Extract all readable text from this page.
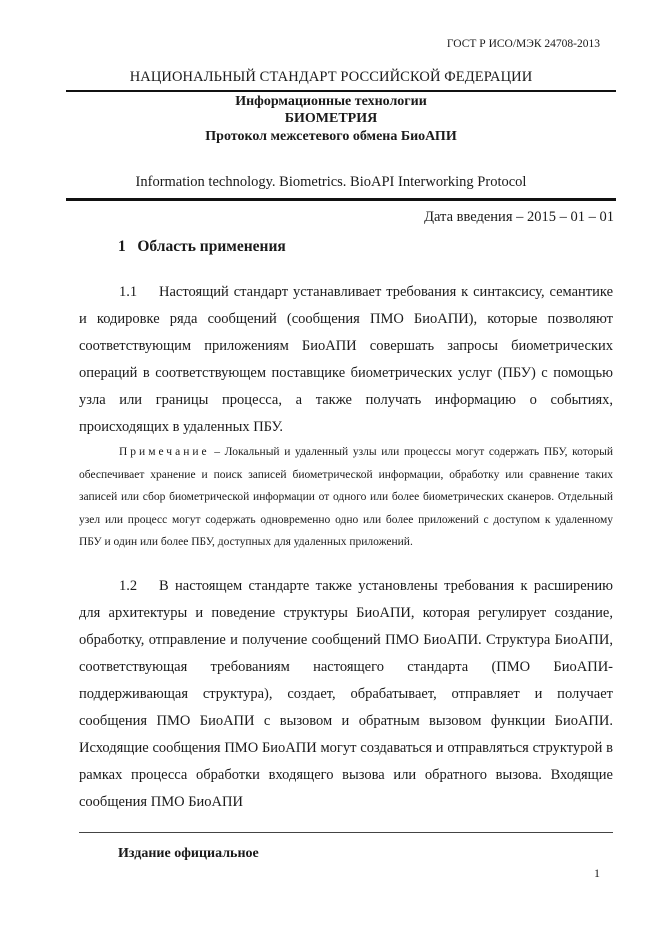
ГОСТ Р ИСО/МЭК 24708-2013
НАЦИОНАЛЬНЫЙ СТАНДАРТ РОССИЙСКОЙ ФЕДЕРАЦИИ
Информационные технологии
БИОМЕТРИЯ
Протокол межсетевого обмена БиоАПИ
Information technology. Biometrics. BioAPI Interworking Protocol
Дата введения – 2015 – 01 – 01
1   Область применения
1.1 Настоящий стандарт устанавливает требования к синтаксису, семантике и кодировке ряда сообщений (сообщения ПМО БиоАПИ), которые позволяют соответствующим приложениям БиоАПИ совершать запросы биометрических операций в соответствующем поставщике биометрических услуг (ПБУ) с помощью узла или границы процесса, а также получать информацию о событиях, происходящих в удаленных ПБУ.
Примечание – Локальный и удаленный узлы или процессы могут содержать ПБУ, который обеспечивает хранение и поиск записей биометрической информации, обработку или сравнение таких записей или сбор биометрической информации от одного или более биометрических сканеров. Отдельный узел или процесс могут содержать одновременно одно или более приложений с доступом к удаленному ПБУ и один или более ПБУ, доступных для удаленных приложений.
1.2 В настоящем стандарте также установлены требования к расширению для архитектуры и поведение структуры БиоАПИ, которая регулирует создание, обработку, отправление и получение сообщений ПМО БиоАПИ. Структура БиоАПИ, соответствующая требованиям настоящего стандарта (ПМО БиоАПИ-поддерживающая структура), создает, обрабатывает, отправляет и получает сообщения ПМО БиоАПИ с вызовом и обратным вызовом функции БиоАПИ. Исходящие сообщения ПМО БиоАПИ могут создаваться и отправляться структурой в рамках процесса обработки входящего вызова или обратного вызова. Входящие сообщения ПМО БиоАПИ
Издание официальное
1
